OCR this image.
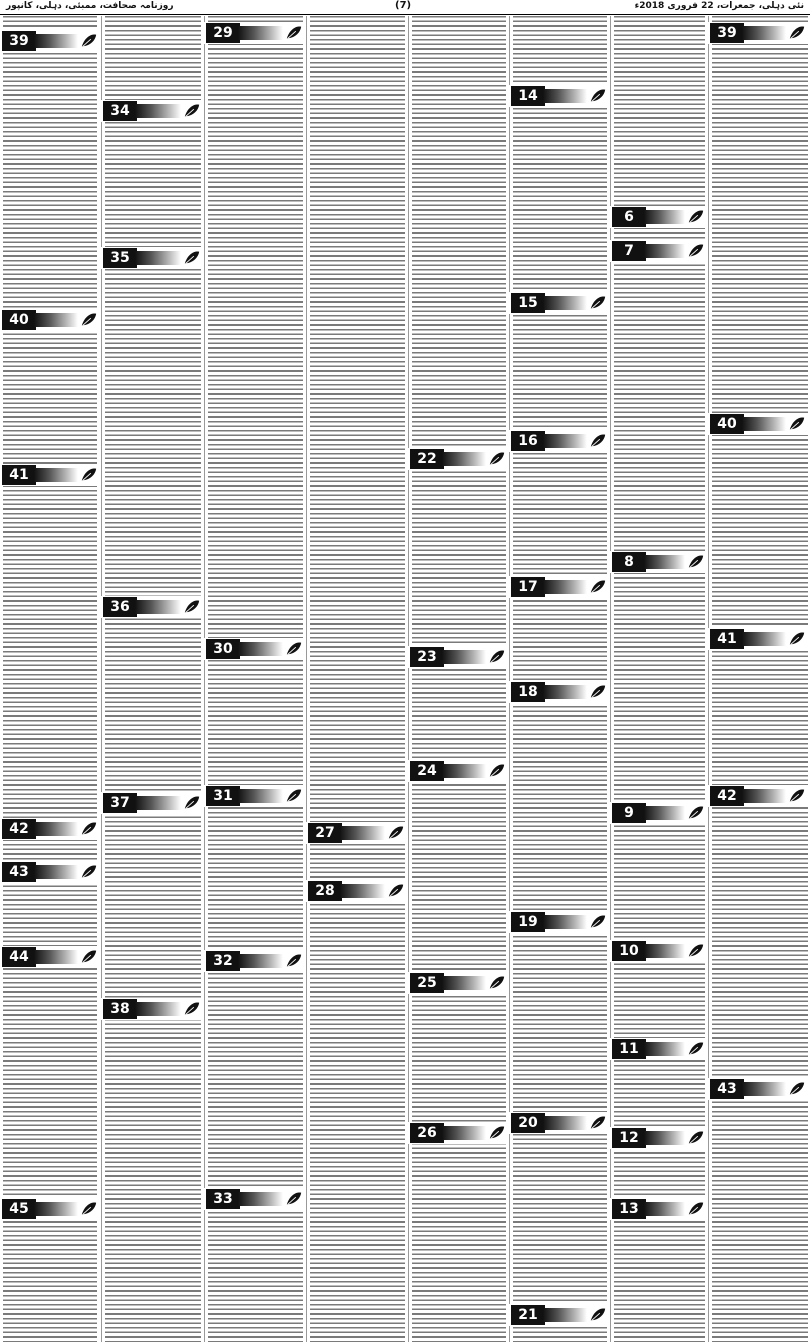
روزنامہ صحافت، ممبئی، دہلی، کانپور	(7)	نئی دہلی، جمعرات، 22 فروری 2018ء
39
40
41
42
43
6
7
8
9
10
11
12
13
14
15
16
17
18
19
20
21
22
23
24
25
26
27
28
29
30
31
32
33
34
35
36
37
38
39
40
41
42
43
44
45
